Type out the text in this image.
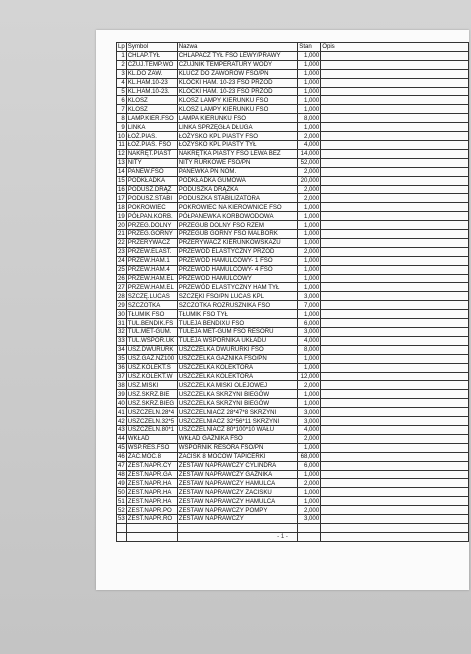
Lp	Symbol	Nazwa	Stan	Opis
1	CHLAP.TYŁ	CHLAPACZ TYŁ FSO LEWY/PRAWY	1,000	
2	CZUJ.TEMP.WO	CZUJNIK TEMPERATURY WODY	1,000	
3	KL.DO ZAW.	KLUCZ DO ZAWORÓW FSO/PN	1,000	
4	KL.HAM.10-23	KLOCKI HAM. 10-23 FSO PRZÓD	1,000	
5	KL.HAM.10-23.	KLOCKI HAM. 10-23 FSO PRZÓD	1,000	
6	KLOSZ	KLOSZ LAMPY KIERUNKU FSO	1,000	
7	KLOSZ	KLOSZ LAMPY KIERUNKU FSO	1,000	
8	LAMP.KIER.FSO	LAMPA KIERUNKU FSO	8,000	
9	LINKA	LINKA SPRZĘGŁA DŁUGA	1,000	
10	ŁOŻ.PIAS.	ŁOŻYSKO KPL PIASTY FSO	2,000	
11	ŁOŻ.PIAS. FSO	ŁOŻYSKO KPL PIASTY TYŁ	4,000	
12	NAKRĘT.PIAST	NAKRĘTKA PIASTY FSO LEWA BEZ	14,000	
13	NITY	NITY RURKOWE FSO/PN	52,000	
14	PANEW.FSO	PANEWKA PN NOM.	2,000	
15	PODKŁADKA	PODKŁADKA GUMOWA	20,000	
16	PODUSZ.DRĄŻ	PODUSZKA DRĄŻKA	2,000	
17	PODUSZ.STABI	PODUSZKA STABILIZATORA	2,000	
18	POKROWIEC	POKROWIEC NA KIEROWNICE FSO	1,000	
19	PÓŁPAN.KORB.	PÓŁPANEWKA KORBOWODOWA	1,000	
20	PRZEG.DOLNY	PRZEGUB DOLNY FSO RZEM	1,000	
21	PRZEG.GÓRNY	PRZEGUB GÓRNY FSO MALBORK	1,000	
22	PRZERYWACZ	PRZERYWACZ KIERUNKOWSKAZU	1,000	
23	PRZEW.ELAST.	PRZEWÓD ELASTYCZNY PRZÓD	2,000	
24	PRZEW.HAM.1	PRZEWÓD HAMULCOWY- 1 FSO	1,000	
25	PRZEW.HAM.4	PRZEWÓD HAMULCOWY- 4 FSO	1,000	
26	PRZEW.HAM.EL	PRZEWÓD HAMULCOWY	1,000	
27	PRZEW.HAM.EL	PRZEWÓD ELASTYCZNY HAM TYŁ	1,000	
28	SZCZĘ.LUCAS	SZCZĘKI FSO/PN LUCAS KPL	3,000	
29	SZCZOTKA	SZCZOTKA ROZRUSZNIKA FSO	7,000	
30	TŁUMIK FSO	TŁUMIK FSO TYŁ	1,000	
31	TUL.BENDIK.FS	TULEJA BENDIXU FSO	6,000	
32	TUL.MET-GUM.	TULEJA MET-GUM FSO RESORU	3,000	
33	TUL.WSPOR.UK	TULEJA WSPORNIKA UKŁADU	4,000	
34	USZ.DWURURK	USZCZELKA DWURURKI FSO	8,000	
35	USZ.GAZ.NZ100	USZCZELKA GAŹNIKA FSO/PN	1,000	
36	USZ.KOLEKT.S	USZCZELKA KOLEKTORA	1,000	
37	USZ.KOLEKT.W	USZCZELKA KOLEKTORA	12,000	
38	USZ.MISKI	USZCZELKA MISKI OLEJOWEJ	2,000	
39	USZ.SKRZ.BIE	USZCZELKA SKRZYNI BIEGÓW	1,000	
40	USZ.SKRZ.BIEG	USZCZELKA SKRZYNI BIEGÓW	1,000	
41	USZCZELN.28*4	USZCZELNIACZ 28*47*8 SKRZYNI	3,000	
42	USZCZELN.32*5	USZCZELNIACZ 32*56*11 SKRZYNI	3,000	
43	USZCZELN.80*1	USZCZELNIACZ 80*100*10 WAŁU	4,000	
44	WKŁAD	WKŁAD GAŹNIKA FSO	2,000	
45	WSP.RES.FSO	WSPORNIK RESORA FSO/PN	1,000	
46	ZAC.MOC.8	ZACISK 8 MOCÓW TAPICERKI	68,000	
47	ZEST.NAPR.CY	ZESTAW NAPRAWCZY CYLINDRA	6,000	
48	ZEST.NAPR.GA	ZESTAW NAPRAWCZY GAŹNIKA	1,000	
49	ZEST.NAPR.HA	ZESTAW NAPRAWCZY HAMULCA	2,000	
50	ZEST.NAPR.HA	ZESTAW NAPRAWCZY ZACISKU	1,000	
51	ZEST.NAPR.HA	ZESTAW NAPRAWCZY HAMULCA	1,000	
52	ZEST.NAPR.PO	ZESTAW NAPRAWCZY POMPY	2,000	
53	ZEST.NAPR.RO	ZESTAW NAPRAWCZY	3,000	

- 1 -
